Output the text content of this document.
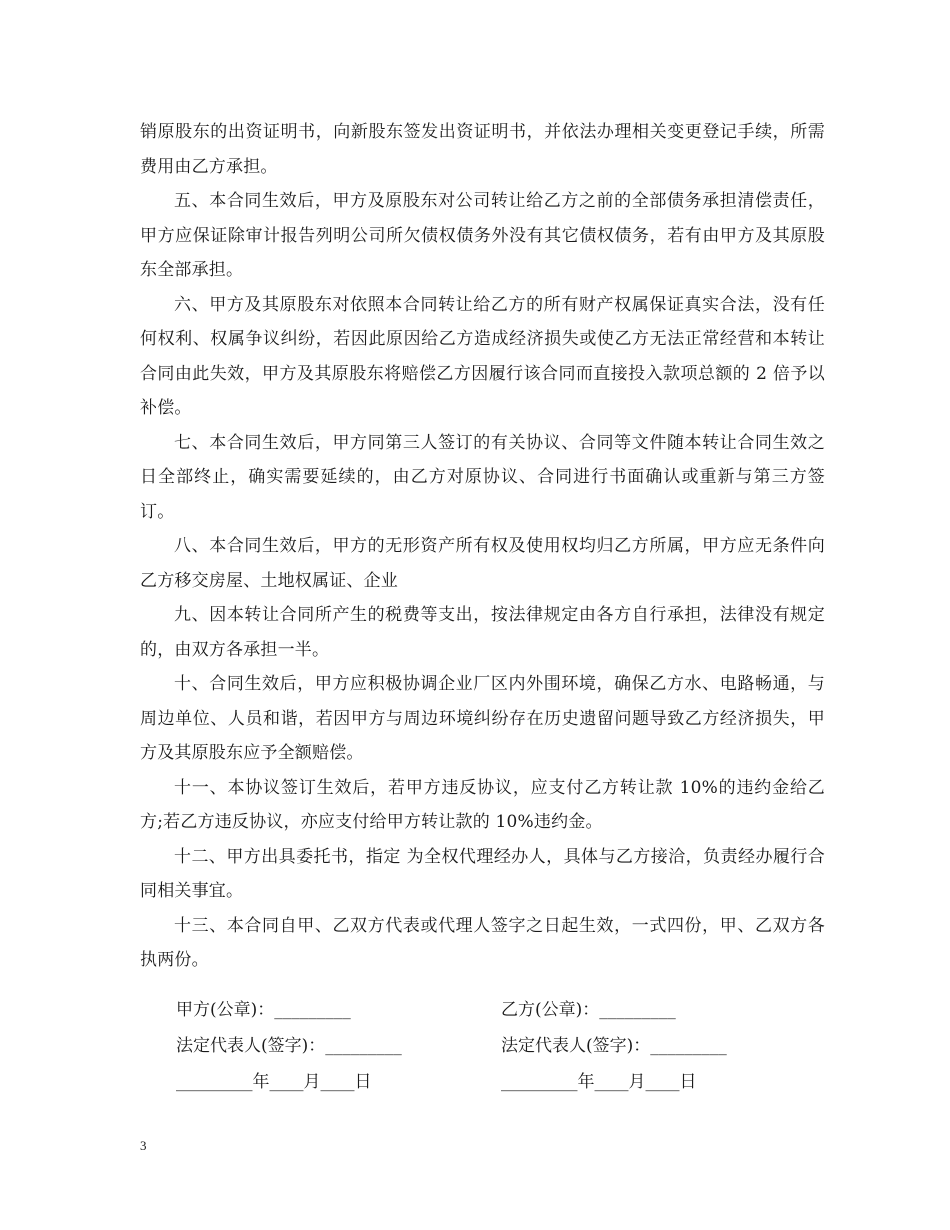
销原股东的出资证明书，向新股东签发出资证明书，并依法办理相关变更登记手续，所需费用由乙方承担。

五、本合同生效后，甲方及原股东对公司转让给乙方之前的全部债务承担清偿责任，甲方应保证除审计报告列明公司所欠债权债务外没有其它债权债务，若有由甲方及其原股东全部承担。

六、甲方及其原股东对依照本合同转让给乙方的所有财产权属保证真实合法，没有任何权利、权属争议纠纷，若因此原因给乙方造成经济损失或使乙方无法正常经营和本转让合同由此失效，甲方及其原股东将赔偿乙方因履行该合同而直接投入款项总额的 2 倍予以补偿。

七、本合同生效后，甲方同第三人签订的有关协议、合同等文件随本转让合同生效之日全部终止，确实需要延续的，由乙方对原协议、合同进行书面确认或重新与第三方签订。

八、本合同生效后，甲方的无形资产所有权及使用权均归乙方所属，甲方应无条件向乙方移交房屋、土地权属证、企业

九、因本转让合同所产生的税费等支出，按法律规定由各方自行承担，法律没有规定的，由双方各承担一半。

十、合同生效后，甲方应积极协调企业厂区内外围环境，确保乙方水、电路畅通，与周边单位、人员和谐，若因甲方与周边环境纠纷存在历史遗留问题导致乙方经济损失，甲方及其原股东应予全额赔偿。

十一、本协议签订生效后，若甲方违反协议，应支付乙方转让款 10%的违约金给乙方;若乙方违反协议，亦应支付给甲方转让款的 10%违约金。

十二、甲方出具委托书，指定 为全权代理经办人，具体与乙方接洽，负责经办履行合同相关事宜。

十三、本合同自甲、乙双方代表或代理人签字之日起生效，一式四份，甲、乙双方各执两份。

甲方(公章)：_________	乙方(公章)：_________
法定代表人(签字)：_________	法定代表人(签字)：_________
_________年____月____日	_________年____月____日
3
